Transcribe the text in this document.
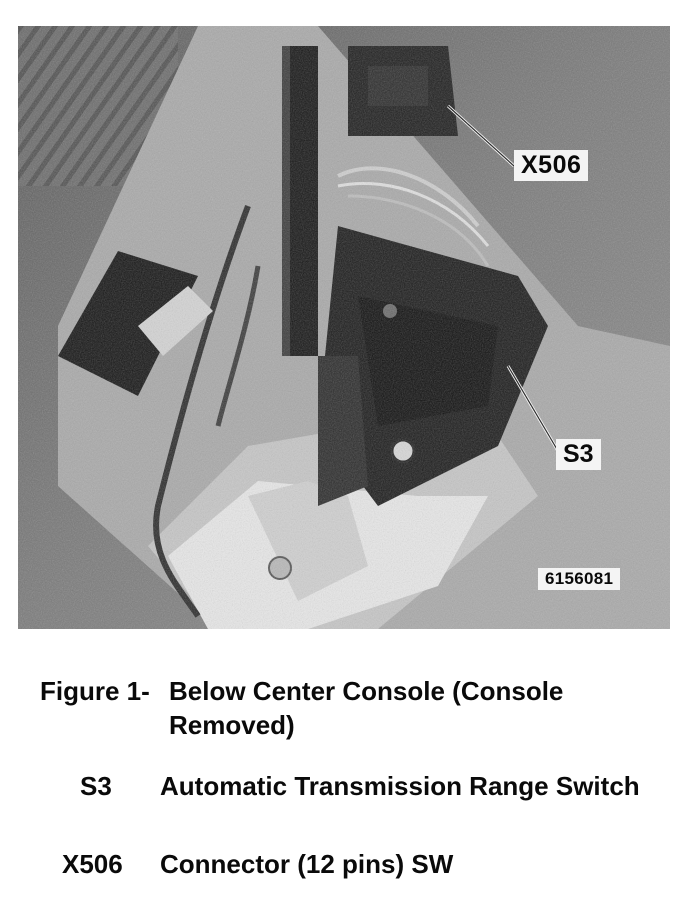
X506
S3
6156081
Figure 1- Below Center Console (Console Removed)
S3 Automatic Transmission Range Switch
X506 Connector (12 pins) SW
